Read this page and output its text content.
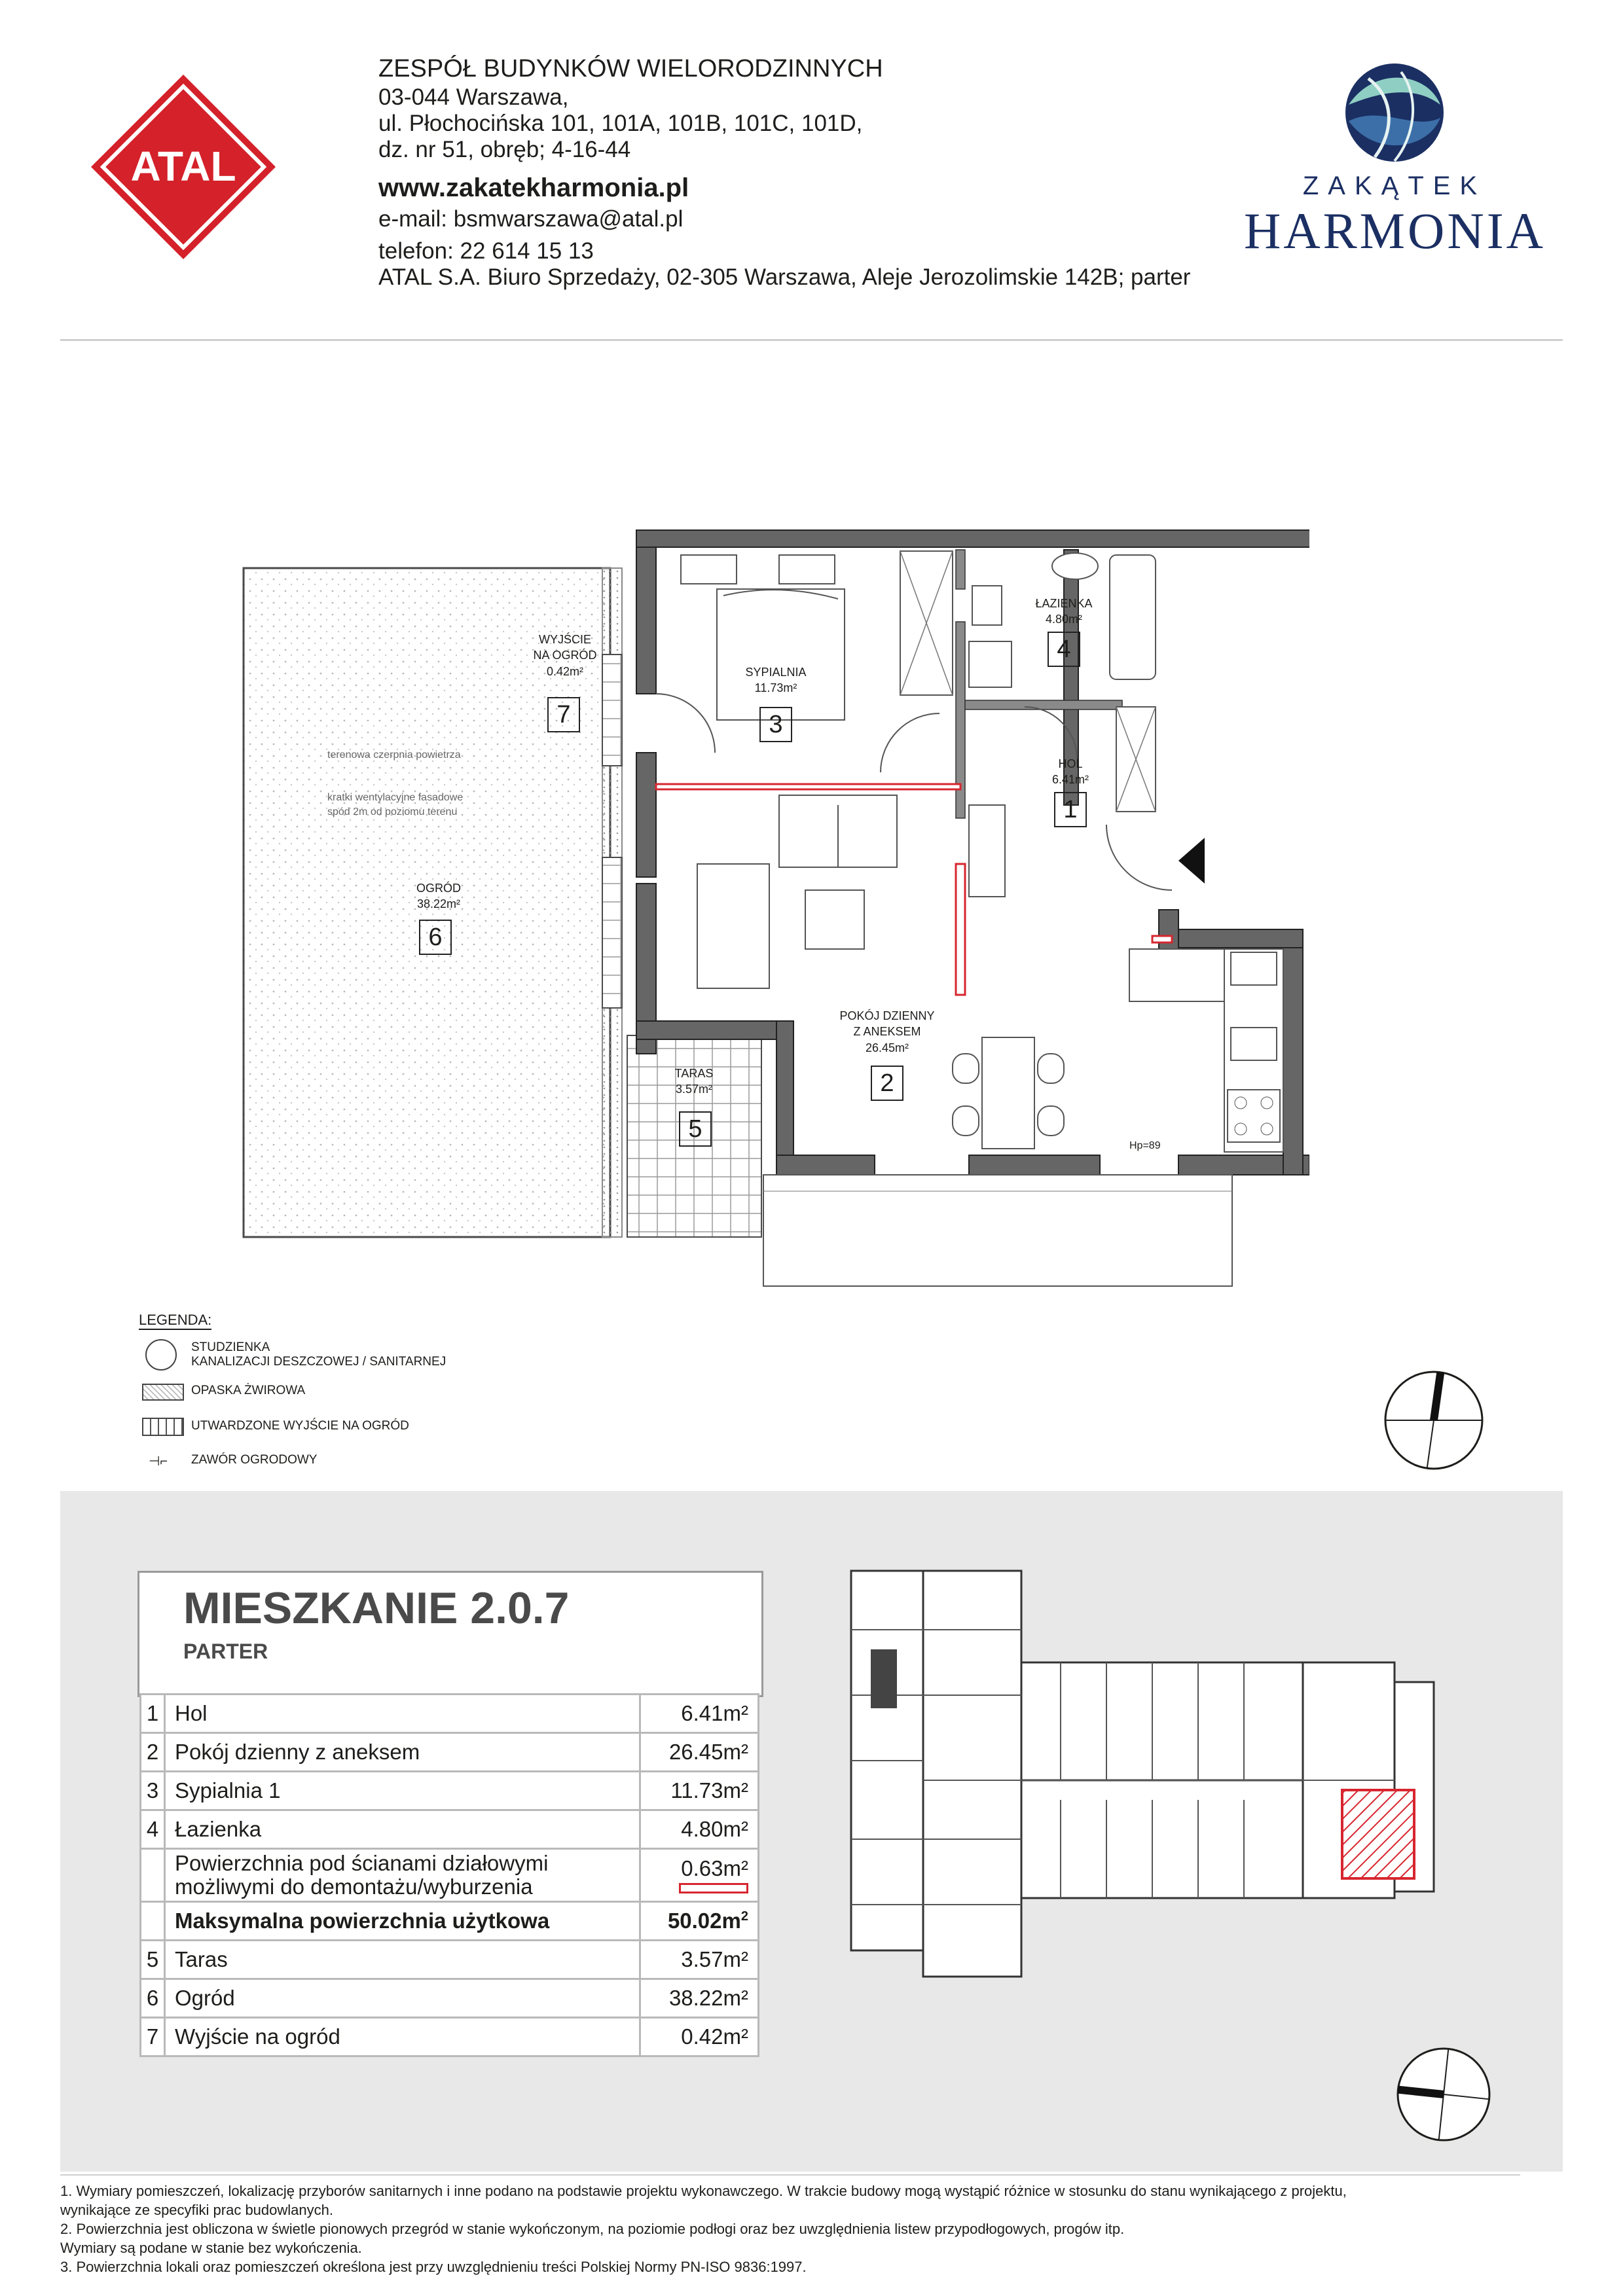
ATAL
ZESPÓŁ BUDYNKÓW WIELORODZINNYCH
03-044 Warszawa,
ul. Płochocińska 101, 101A, 101B, 101C, 101D,
dz. nr 51, obręb; 4-16-44
www.zakatekharmonia.pl
e-mail: bsmwarszawa@atal.pl
telefon: 22 614 15 13
ATAL S.A. Biuro Sprzedaży, 02-305 Warszawa, Aleje Jerozolimskie 142B; parter
ZAKĄTEK
HARMONIA
WYJŚCIE
NA OGRÓD
0.42m²
7
SYPIALNIA
11.73m²
3
ŁAZIENKA
4.80m²
4
HOL
6.41m²
1
OGRÓD
38.22m²
6
POKÓJ DZIENNY
Z ANEKSEM
26.45m²
2
TARAS
3.57m²
5
terenowa czerpnia powietrza
kratki wentylacyjne fasadowe
spód 2m od poziomu terenu
Hp=89
LEGENDA:
STUDZIENKA
KANALIZACJI DESZCZOWEJ / SANITARNEJ
OPASKA ŻWIROWA
UTWARDZONE WYJŚCIE NA OGRÓD
⊣⌐	ZAWÓR OGRODOWY
MIESZKANIE 2.0.7
PARTER
1	Hol	6.41m²
2	Pokój dzienny z aneksem	26.45m²
3	Sypialnia 1	11.73m²
4	Łazienka	4.80m²

	Powierzchnia pod ścianami działowymi
możliwymi do demontażu/wyburzenia	0.63m²

	Maksymalna powierzchnia użytkowa	$50.02m^2$
5	Taras	3.57m²
6	Ogród	38.22m²
7	Wyjście na ogród	0.42m²
1. Wymiary pomieszczeń, lokalizację przyborów sanitarnych i inne podano na podstawie projektu wykonawczego. W trakcie budowy mogą wystąpić różnice w stosunku do stanu wynikającego z projektu,
wynikające ze specyfiki prac budowlanych.
2. Powierzchnia jest obliczona w świetle pionowych przegród w stanie wykończonym, na poziomie podłogi oraz bez uwzględnienia listew przypodłogowych, progów itp.
Wymiary są podane w stanie bez wykończenia.
3. Powierzchnia lokali oraz pomieszczeń określona jest przy uwzględnieniu treści Polskiej Normy PN-ISO 9836:1997.
